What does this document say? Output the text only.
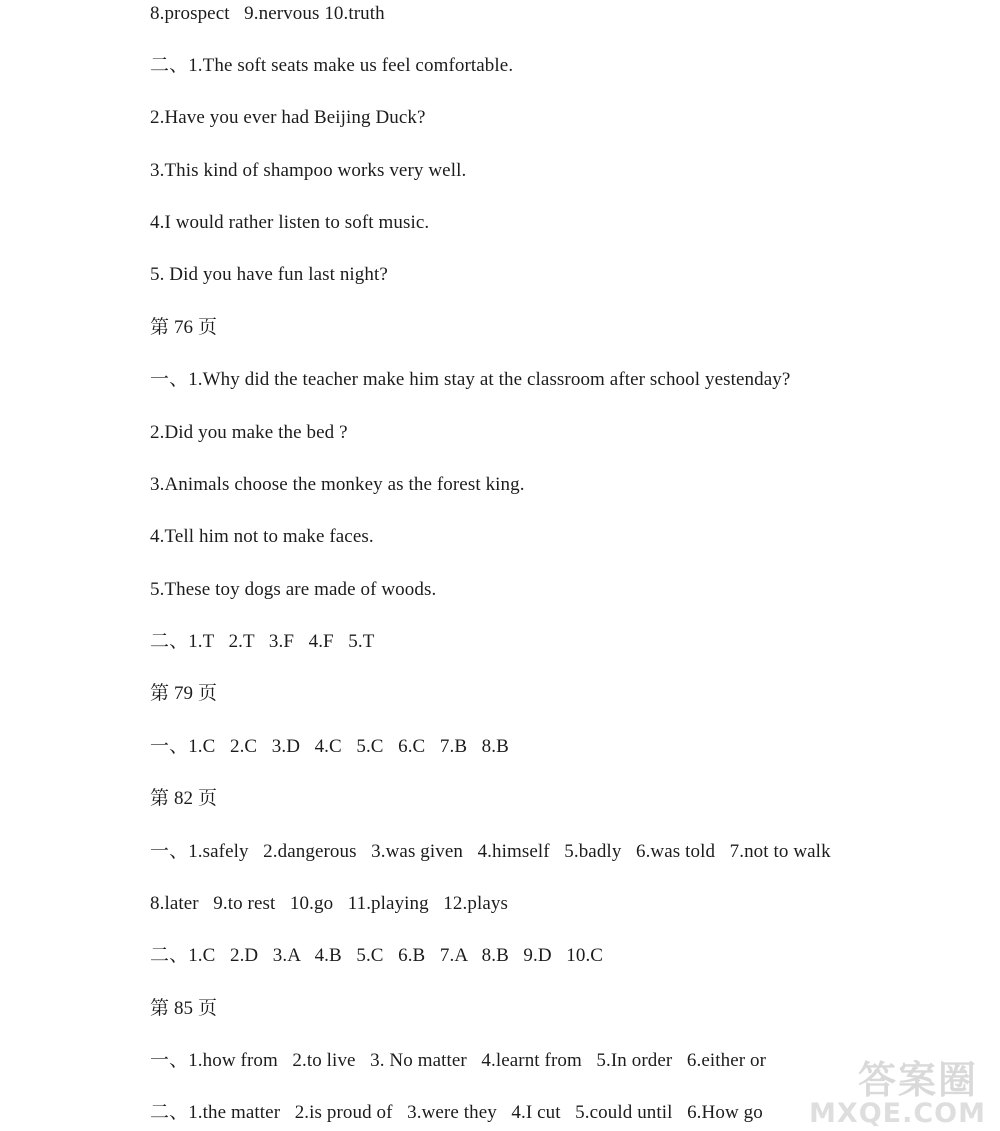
8.prospect   9.nervous 10.truth
二、1.The soft seats make us feel comfortable.
2.Have you ever had Beijing Duck?
3.This kind of shampoo works very well.
4.I would rather listen to soft music.
5. Did you have fun last night?
第 76 页
一、1.Why did the teacher make him stay at the classroom after school yestenday?
2.Did you make the bed ?
3.Animals choose the monkey as the forest king.
4.Tell him not to make faces.
5.These toy dogs are made of woods.
二、1.T   2.T   3.F   4.F   5.T
第 79 页
一、1.C   2.C   3.D   4.C   5.C   6.C   7.B   8.B
第 82 页
一、1.safely   2.dangerous   3.was given   4.himself   5.badly   6.was told   7.not to walk
8.later   9.to rest   10.go   11.playing   12.plays
二、1.C   2.D   3.A   4.B   5.C   6.B   7.A   8.B   9.D   10.C
第 85 页
一、1.how from   2.to live   3. No matter   4.learnt from   5.In order   6.either or
二、1.the matter   2.is proud of   3.were they   4.I cut   5.could until   6.How go
答案圈
MXQE.COM
